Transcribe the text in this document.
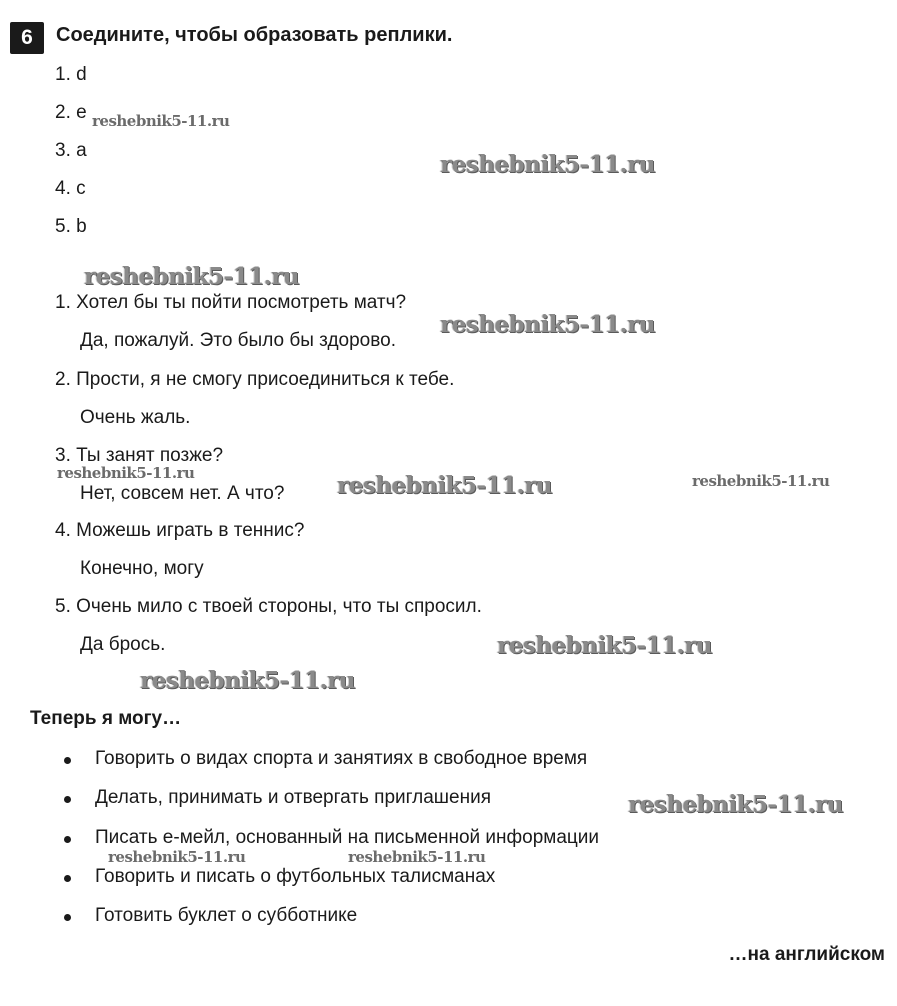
6	Соедините, чтобы образовать реплики.
1. d
2. e
3. a
4. c
5. b
1. Хотел бы ты пойти посмотреть матч?
Да, пожалуй. Это было бы здорово.
2. Прости, я не смогу присоединиться к тебе.
Очень жаль.
3. Ты занят позже?
Нет, совсем нет. А что?
4. Можешь играть в теннис?
Конечно, могу
5. Очень мило с твоей стороны, что ты спросил.
Да брось.
Теперь я могу…
Говорить о видах спорта и занятиях в свободное время
Делать, принимать и отвергать приглашения
Писать е-мейл, основанный на письменной информации
Говорить и писать о футбольных талисманах
Готовить буклет о субботнике
…на английском
reshebnik5-11.ru
reshebnik5-11.ru
reshebnik5-11.ru
reshebnik5-11.ru
reshebnik5-11.ru	reshebnik5-11.ru	reshebnik5-11.ru
reshebnik5-11.ru
reshebnik5-11.ru
reshebnik5-11.ru
reshebnik5-11.ru	reshebnik5-11.ru
